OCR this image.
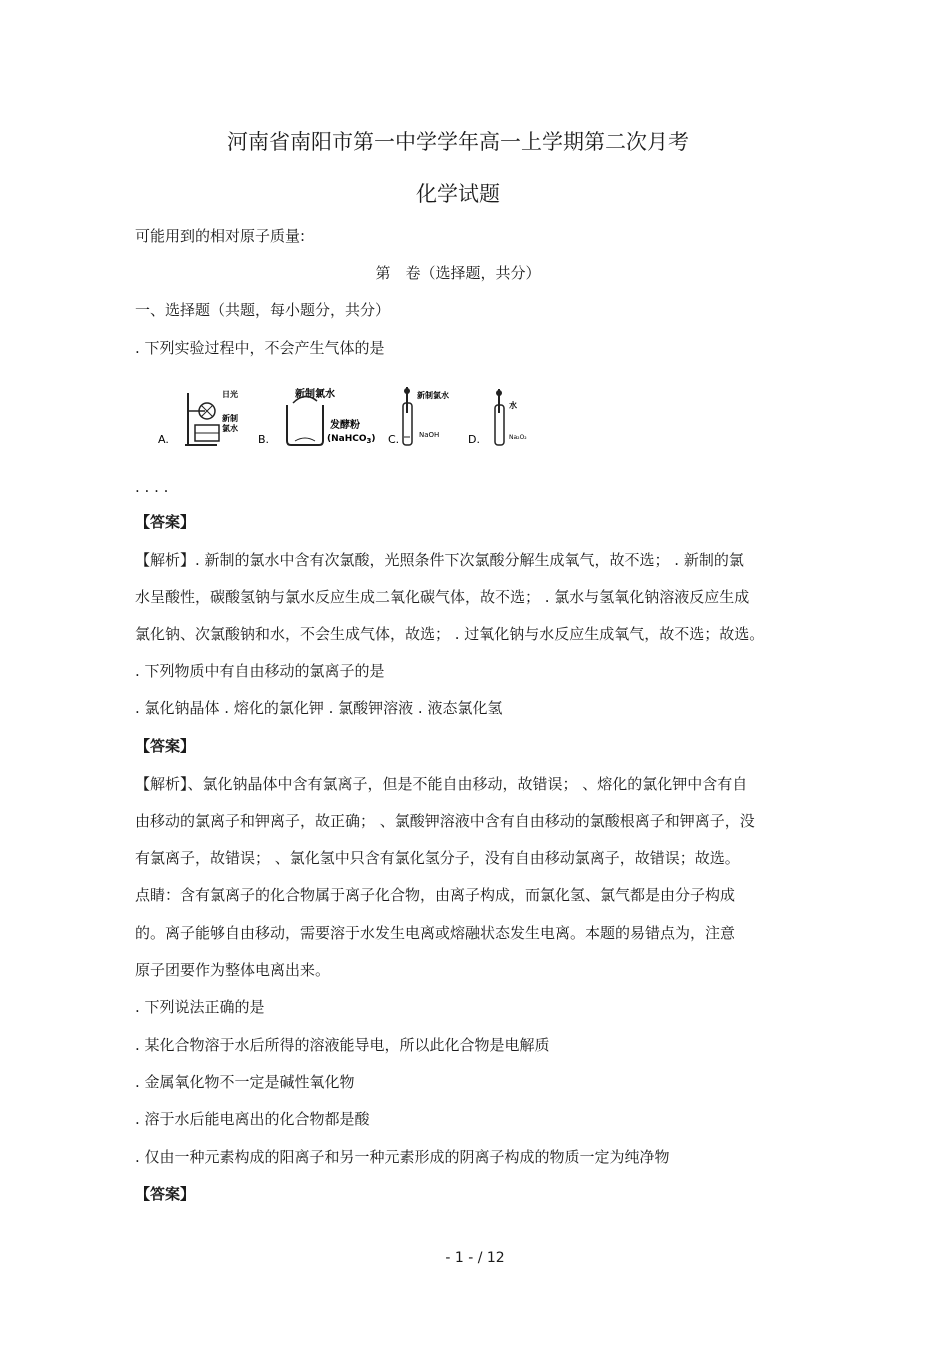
河南省南阳市第一中学学年高一上学期第二次月考
化学试题
可能用到的相对原子质量:
第　卷（选择题，共分）
一、选择题（共题，每小题分，共分）
. 下列实验过程中，不会产生气体的是
A.
日光
新制
氯水
B.
新制氯水
发酵粉
(NaHCO$_3$) C.
新制氯水
NaOH	D.
水
Na₂O₂
. . . .
【答案】
【解析】. 新制的氯水中含有次氯酸，光照条件下次氯酸分解生成氧气，故不选； . 新制的氯
水呈酸性，碳酸氢钠与氯水反应生成二氧化碳气体，故不选； . 氯水与氢氧化钠溶液反应生成
氯化钠、次氯酸钠和水，不会生成气体，故选； . 过氧化钠与水反应生成氧气，故不选；故选。
. 下列物质中有自由移动的氯离子的是
. 氯化钠晶体 . 熔化的氯化钾 . 氯酸钾溶液 . 液态氯化氢
【答案】
【解析】、氯化钠晶体中含有氯离子，但是不能自由移动，故错误； 、熔化的氯化钾中含有自
由移动的氯离子和钾离子，故正确； 、氯酸钾溶液中含有自由移动的氯酸根离子和钾离子，没
有氯离子，故错误； 、氯化氢中只含有氯化氢分子，没有自由移动氯离子，故错误；故选。
点睛：含有氯离子的化合物属于离子化合物，由离子构成，而氯化氢、氯气都是由分子构成
的。离子能够自由移动，需要溶于水发生电离或熔融状态发生电离。本题的易错点为，注意
原子团要作为整体电离出来。
. 下列说法正确的是
. 某化合物溶于水后所得的溶液能导电，所以此化合物是电解质
. 金属氧化物不一定是碱性氧化物
. 溶于水后能电离出的化合物都是酸
. 仅由一种元素构成的阳离子和另一种元素形成的阴离子构成的物质一定为纯净物
【答案】
- 1 - / 12
